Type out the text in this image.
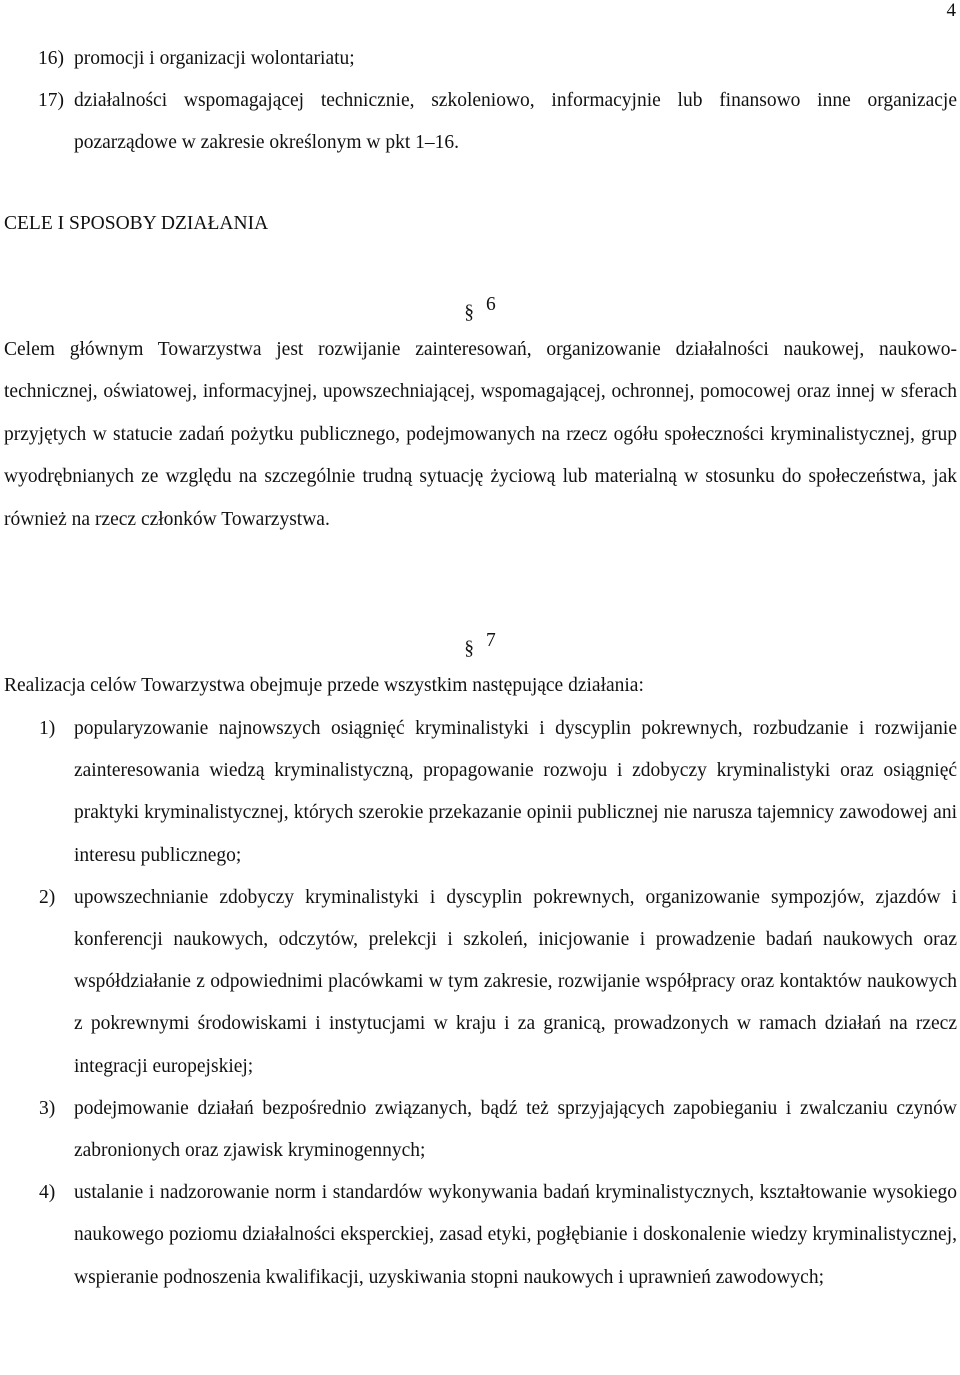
4
16) promocji i organizacji wolontariatu;
17) działalności wspomagającej technicznie, szkoleniowo, informacyjnie lub finansowo inne organizacje pozarządowe w zakresie określonym w pkt 1–16.
CELE I SPOSOBY DZIAŁANIA
§ 6
Celem głównym Towarzystwa jest rozwijanie zainteresowań, organizowanie działalności naukowej, naukowo-technicznej, oświatowej, informacyjnej, upowszechniającej, wspomagającej, ochronnej, pomocowej oraz innej w sferach przyjętych w statucie zadań pożytku publicznego, podejmowanych na rzecz ogółu społeczności kryminalistycznej, grup wyodrębnianych ze względu na szczególnie trudną sytuację życiową lub materialną w stosunku do społeczeństwa, jak również na rzecz członków Towarzystwa.
§ 7
Realizacja celów Towarzystwa obejmuje przede wszystkim następujące działania:
1) popularyzowanie najnowszych osiągnięć kryminalistyki i dyscyplin pokrewnych, rozbudzanie i rozwijanie zainteresowania wiedzą kryminalistyczną, propagowanie rozwoju i zdobyczy kryminalistyki oraz osiągnięć praktyki kryminalistycznej, których szerokie przekazanie opinii publicznej nie narusza tajemnicy zawodowej ani interesu publicznego;
2) upowszechnianie zdobyczy kryminalistyki i dyscyplin pokrewnych, organizowanie sympozjów, zjazdów i konferencji naukowych, odczytów, prelekcji i szkoleń, inicjowanie i prowadzenie badań naukowych oraz współdziałanie z odpowiednimi placówkami w tym zakresie, rozwijanie współpracy oraz kontaktów naukowych z pokrewnymi środowiskami i instytucjami w kraju i za granicą, prowadzonych w ramach działań na rzecz integracji europejskiej;
3) podejmowanie działań bezpośrednio związanych, bądź też sprzyjających zapobieganiu i zwalczaniu czynów zabronionych oraz zjawisk kryminogennych;
4) ustalanie i nadzorowanie norm i standardów wykonywania badań kryminalistycznych, kształtowanie wysokiego naukowego poziomu działalności eksperckiej, zasad etyki, pogłębianie i doskonalenie wiedzy kryminalistycznej, wspieranie podnoszenia kwalifikacji, uzyskiwania stopni naukowych i uprawnień zawodowych;
